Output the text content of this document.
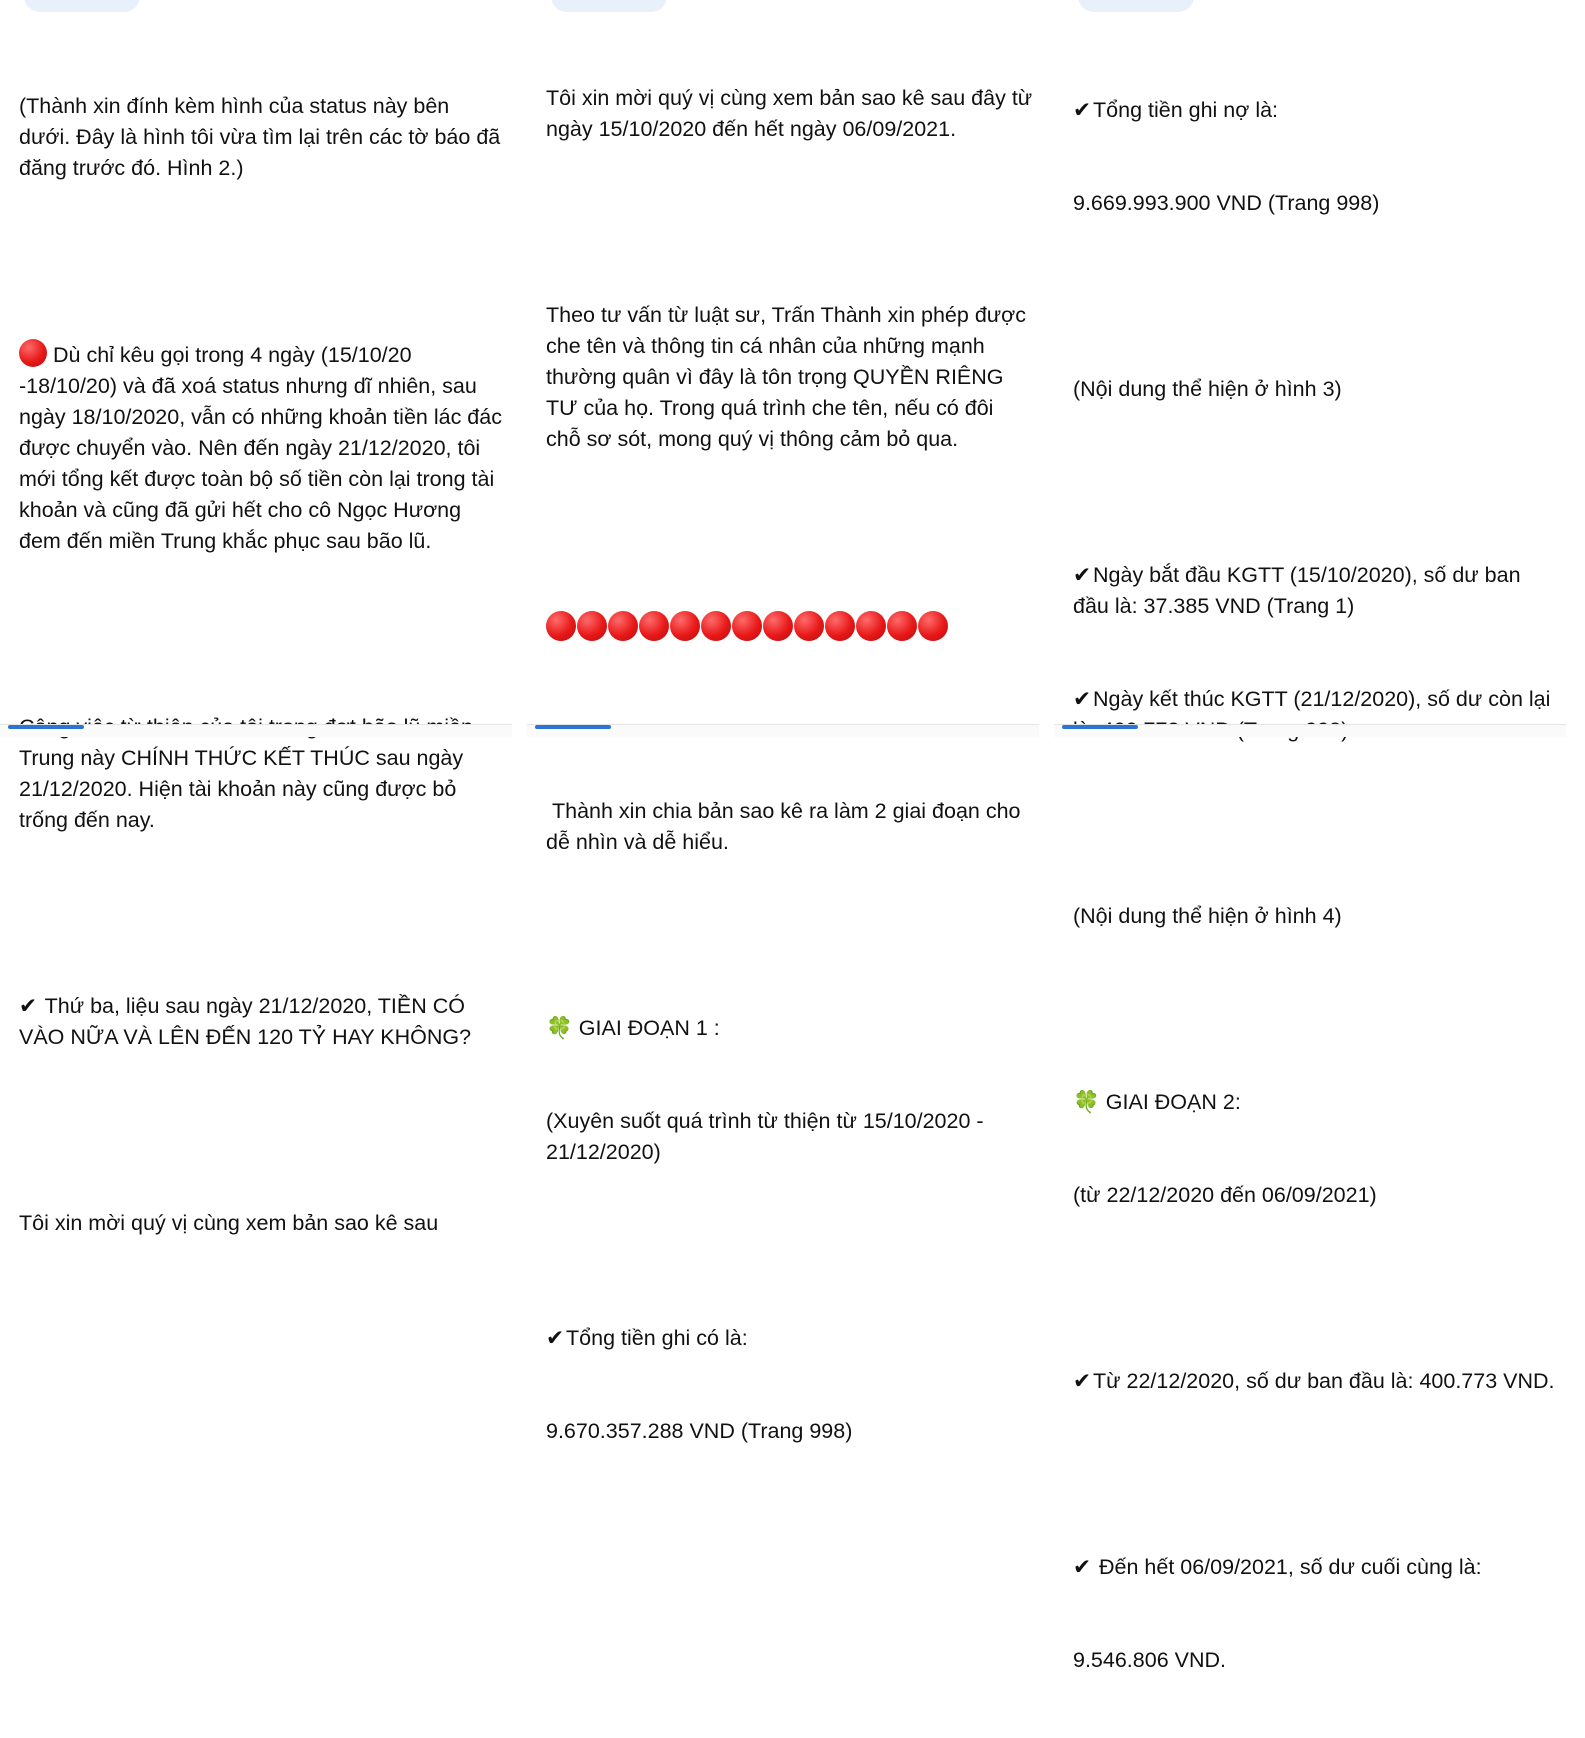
(Thành xin đính kèm hình của status này bên dưới. Đây là hình tôi vừa tìm lại trên các tờ báo đã đăng trước đó. Hình 2.)

Dù chỉ kêu gọi trong 4 ngày (15/10/20 -18/10/20) và đã xoá status nhưng dĩ nhiên, sau ngày 18/10/2020, vẫn có những khoản tiền lác đác được chuyển vào. Nên đến ngày 21/12/2020, tôi mới tổng kết được toàn bộ số tiền còn lại trong tài khoản và cũng đã gửi hết cho cô Ngọc Hương đem đến miền Trung khắc phục sau bão lũ.

Trung này CHÍNH THỨC KẾT THÚC sau ngày 21/12/2020. Hiện tài khoản này cũng được bỏ trống đến nay.

✔ Thứ ba, liệu sau ngày 21/12/2020, TIỀN CÓ VÀO NỮA VÀ LÊN ĐẾN 120 TỶ HAY KHÔNG?

Tôi xin mời quý vị cùng xem bản sao kê sau

Tôi xin mời quý vị cùng xem bản sao kê sau đây từ ngày 15/10/2020 đến hết ngày 06/09/2021.

Theo tư vấn từ luật sư, Trấn Thành xin phép được che tên và thông tin cá nhân của những mạnh thường quân vì đây là tôn trọng QUYỀN RIÊNG TƯ của họ. Trong quá trình che tên, nếu có đôi chỗ sơ sót, mong quý vị thông cảm bỏ qua.

Thành xin chia bản sao kê ra làm 2 giai đoạn cho dễ nhìn và dễ hiểu.

🍀 GIAI ĐOẠN 1 :

(Xuyên suốt quá trình từ thiện từ 15/10/2020 - 21/12/2020)

✔Tổng tiền ghi có là:

9.670.357.288 VND (Trang 998)

✔Tổng tiền ghi nợ là:

9.669.993.900 VND (Trang 998)

(Nội dung thể hiện ở hình 3)

✔Ngày bắt đầu KGTT (15/10/2020), số dư ban đầu là: 37.385 VND (Trang 1)

✔Ngày kết thúc KGTT (21/12/2020), số dư còn lại

(Nội dung thể hiện ở hình 4)

🍀 GIAI ĐOẠN 2:

(từ 22/12/2020 đến 06/09/2021)

✔Từ 22/12/2020, số dư ban đầu là: 400.773 VND.

✔ Đến hết 06/09/2021, số dư cuối cùng là:

9.546.806 VND.
